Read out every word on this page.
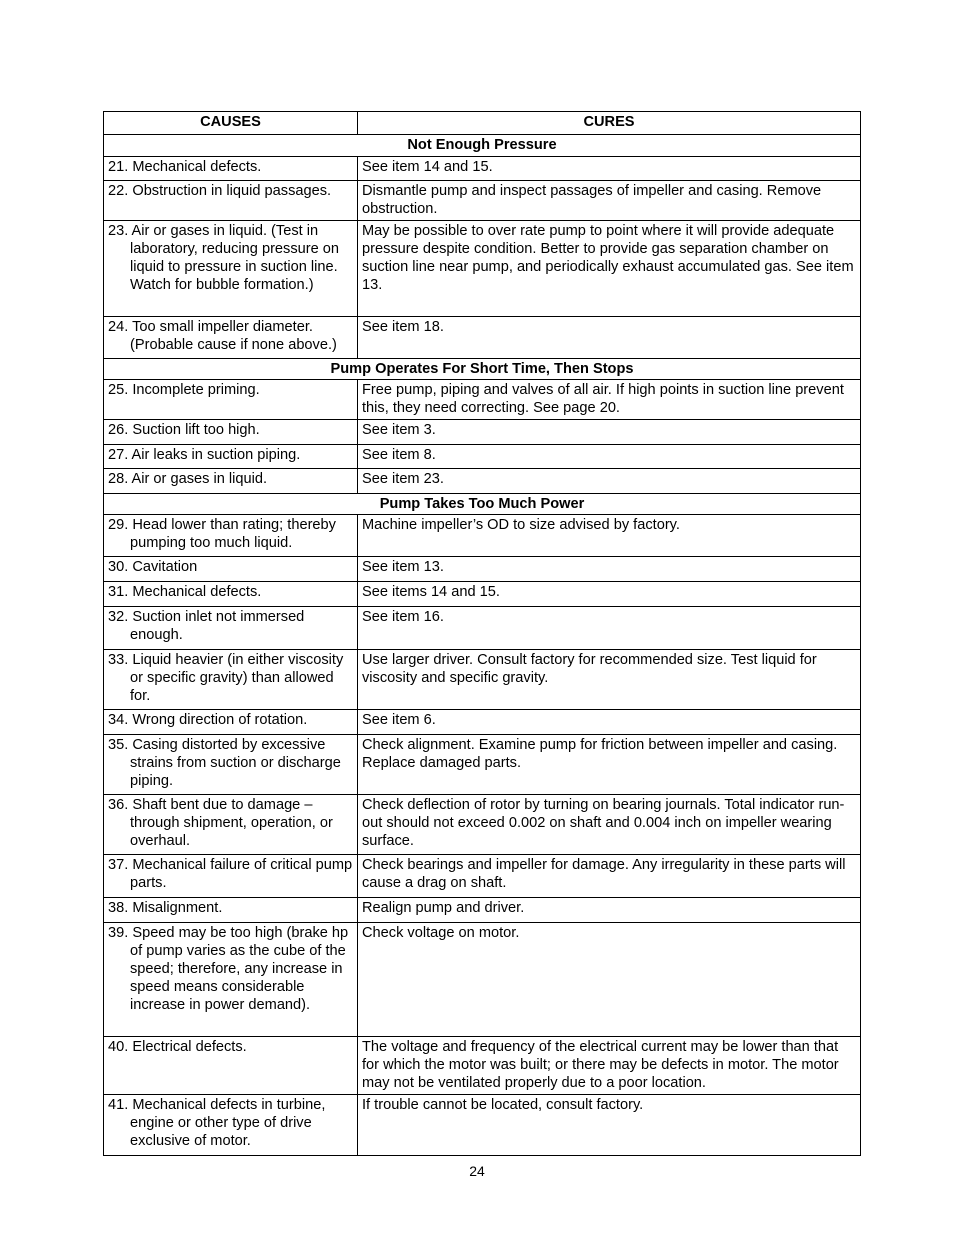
CAUSES	CURES
Not Enough Pressure	

21. Mechanical defects.	See item 14 and 15.

22. Obstruction in liquid passages.	Dismantle pump and inspect passages of impeller and casing. Remove obstruction.

23. Air or gases in liquid. (Test in laboratory, reducing pressure on liquid to pressure in suction line. Watch for bubble formation.)	May be possible to over rate pump to point where it will provide adequate pressure despite condition. Better to provide gas separation chamber on suction line near pump, and periodically exhaust accumulated gas. See item 13.

24. Too small impeller diameter. (Probable cause if none above.)	See item 18.
Pump Operates For Short Time, Then Stops	

25. Incomplete priming.	Free pump, piping and valves of all air. If high points in suction line prevent this, they need correcting. See page 20.

26. Suction lift too high.	See item 3.

27. Air leaks in suction piping.	See item 8.

28. Air or gases in liquid.	See item 23.
Pump Takes Too Much Power	

29. Head lower than rating; thereby pumping too much liquid.	Machine impeller’s OD to size advised by factory.

30. Cavitation	See item 13.

31. Mechanical defects.	See items 14 and 15.

32. Suction inlet not immersed enough.	See item 16.

33. Liquid heavier (in either viscosity or specific gravity) than allowed for.	Use larger driver. Consult factory for recommended size. Test liquid for viscosity and specific gravity.

34. Wrong direction of rotation.	See item 6.

35. Casing distorted by excessive strains from suction or discharge piping.	Check alignment. Examine pump for friction between impeller and casing. Replace damaged parts.

36. Shaft bent due to damage – through shipment, operation, or overhaul.	Check deflection of rotor by turning on bearing journals. Total indicator run-out should not exceed 0.002 on shaft and 0.004 inch on impeller wearing surface.

37. Mechanical failure of critical pump parts.	Check bearings and impeller for damage. Any irregularity in these parts will cause a drag on shaft.

38. Misalignment.	Realign pump and driver.

39. Speed may be too high (brake hp of pump varies as the cube of the speed; therefore, any increase in speed means considerable increase in power demand).	Check voltage on motor.

40. Electrical defects.	The voltage and frequency of the electrical current may be lower than that for which the motor was built; or there may be defects in motor. The motor may not be ventilated properly due to a poor location.

41. Mechanical defects in turbine, engine or other type of drive exclusive of motor.	If trouble cannot be located, consult factory.
24
